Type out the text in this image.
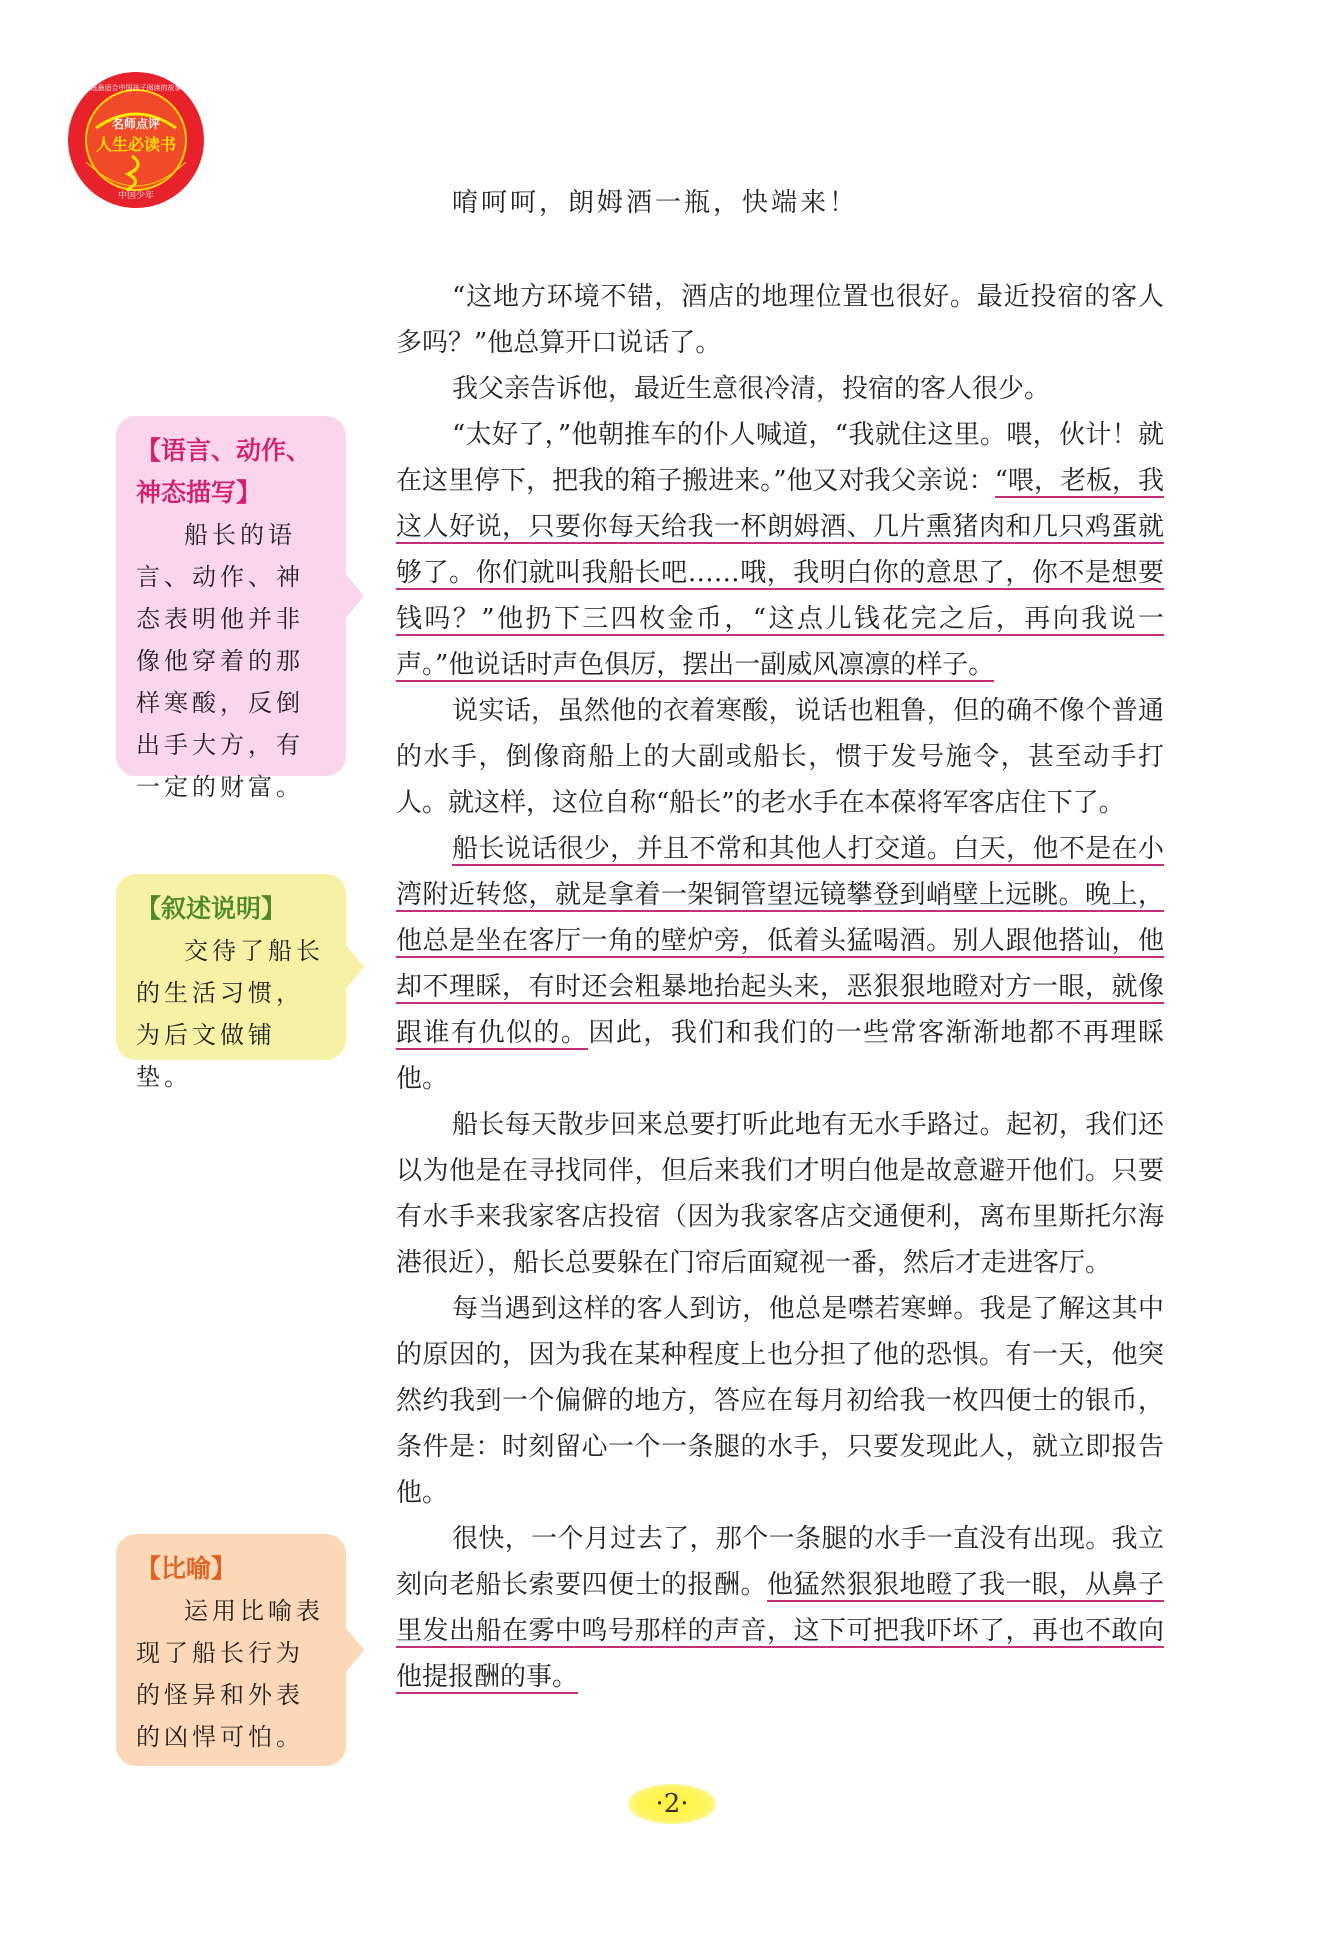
名师点评
人生必读书
中国少年
精选最适合中国孩子阅读的故事书

唷呵呵，朗姆酒一瓶，快端来！

“这地方环境不错，酒店的地理位置也很好。最近投宿的客人多吗？”他总算开口说话了。

我父亲告诉他，最近生意很冷清，投宿的客人很少。

“太好了，”他朝推车的仆人喊道，“我就住这里。喂，伙计！就在这里停下，把我的箱子搬进来。”他又对我父亲说：“喂，老板，我这人好说，只要你每天给我一杯朗姆酒、几片熏猪肉和几只鸡蛋就够了。你们就叫我船长吧……哦，我明白你的意思了，你不是想要钱吗？”他扔下三四枚金币，“这点儿钱花完之后，再向我说一声。”他说话时声色俱厉，摆出一副威风凛凛的样子。

说实话，虽然他的衣着寒酸，说话也粗鲁，但的确不像个普通的水手，倒像商船上的大副或船长，惯于发号施令，甚至动手打人。就这样，这位自称“船长”的老水手在本葆将军客店住下了。

船长说话很少，并且不常和其他人打交道。白天，他不是在小湾附近转悠，就是拿着一架铜管望远镜攀登到峭壁上远眺。晚上，他总是坐在客厅一角的壁炉旁，低着头猛喝酒。别人跟他搭讪，他却不理睬，有时还会粗暴地抬起头来，恶狠狠地瞪对方一眼，就像跟谁有仇似的。因此，我们和我们的一些常客渐渐地都不再理睬他。

船长每天散步回来总要打听此地有无水手路过。起初，我们还以为他是在寻找同伴，但后来我们才明白他是故意避开他们。只要有水手来我家客店投宿（因为我家客店交通便利，离布里斯托尔海港很近），船长总要躲在门帘后面窥视一番，然后才走进客厅。

每当遇到这样的客人到访，他总是噤若寒蝉。我是了解这其中的原因的，因为我在某种程度上也分担了他的恐惧。有一天，他突然约我到一个偏僻的地方，答应在每月初给我一枚四便士的银币，条件是：时刻留心一个一条腿的水手，只要发现此人，就立即报告他。

很快，一个月过去了，那个一条腿的水手一直没有出现。我立刻向老船长索要四便士的报酬。他猛然狠狠地瞪了我一眼，从鼻子里发出船在雾中鸣号那样的声音，这下可把我吓坏了，再也不敢向他提报酬的事。

【语言、动作、神态描写】
船长的语言、动作、神态表明他并非像他穿着的那样寒酸，反倒出手大方，有一定的财富。
【叙述说明】
交待了船长的生活习惯，为后文做铺垫。
【比喻】
运用比喻表现了船长行为的怪异和外表的凶悍可怕。
·2·
